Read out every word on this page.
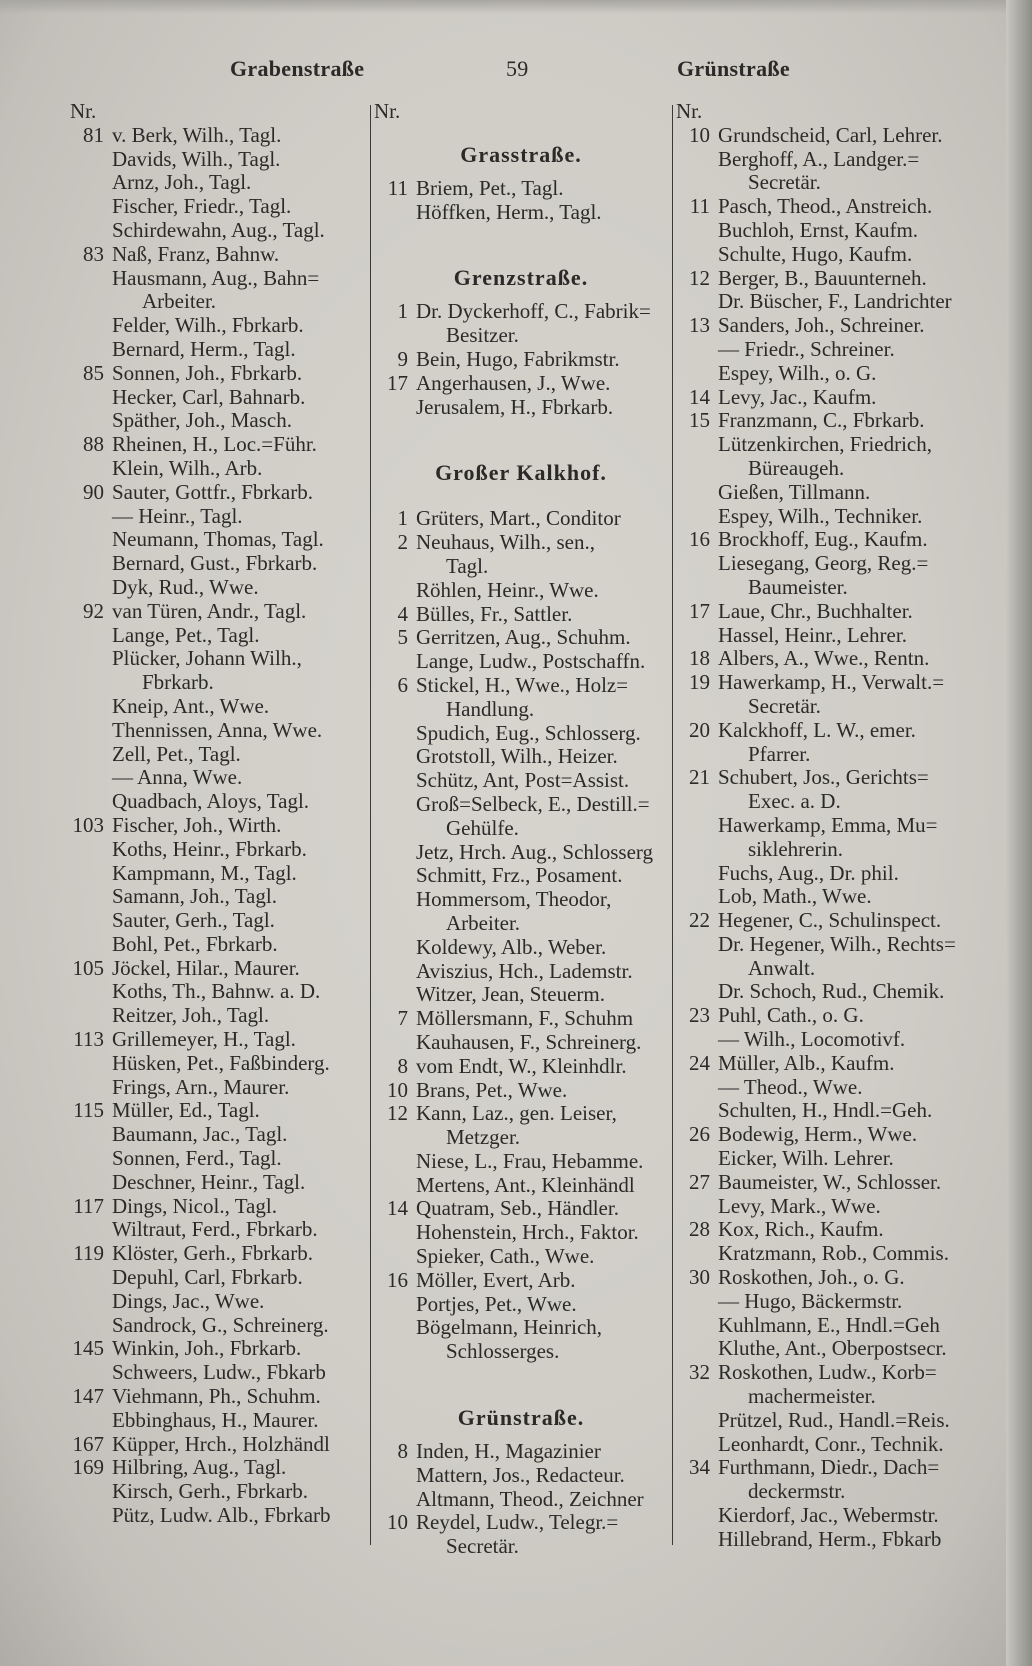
Grabenstraße	59	Grünstraße
Nr.
81 v. Berk, Wilh., Tagl.
Davids, Wilh., Tagl.
Arnz, Joh., Tagl.
Fischer, Friedr., Tagl.
Schirdewahn, Aug., Tagl.
83 Naß, Franz, Bahnw.
Hausmann, Aug., Bahn=
Arbeiter.
Felder, Wilh., Fbrkarb.
Bernard, Herm., Tagl.
85 Sonnen, Joh., Fbrkarb.
Hecker, Carl, Bahnarb.
Späther, Joh., Masch.
88 Rheinen, H., Loc.=Führ.
Klein, Wilh., Arb.
90 Sauter, Gottfr., Fbrkarb.
— Heinr., Tagl.
Neumann, Thomas, Tagl.
Bernard, Gust., Fbrkarb.
Dyk, Rud., Wwe.
92 van Türen, Andr., Tagl.
Lange, Pet., Tagl.
Plücker, Johann Wilh.,
Fbrkarb.
Kneip, Ant., Wwe.
Thennissen, Anna, Wwe.
Zell, Pet., Tagl.
— Anna, Wwe.
Quadbach, Aloys, Tagl.
103 Fischer, Joh., Wirth.
Koths, Heinr., Fbrkarb.
Kampmann, M., Tagl.
Samann, Joh., Tagl.
Sauter, Gerh., Tagl.
Bohl, Pet., Fbrkarb.
105 Jöckel, Hilar., Maurer.
Koths, Th., Bahnw. a. D.
Reitzer, Joh., Tagl.
113 Grillemeyer, H., Tagl.
Hüsken, Pet., Faßbinderg.
Frings, Arn., Maurer.
115 Müller, Ed., Tagl.
Baumann, Jac., Tagl.
Sonnen, Ferd., Tagl.
Deschner, Heinr., Tagl.
117 Dings, Nicol., Tagl.
Wiltraut, Ferd., Fbrkarb.
119 Klöster, Gerh., Fbrkarb.
Depuhl, Carl, Fbrkarb.
Dings, Jac., Wwe.
Sandrock, G., Schreinerg.
145 Winkin, Joh., Fbrkarb.
Schweers, Ludw., Fbkarb
147 Viehmann, Ph., Schuhm.
Ebbinghaus, H., Maurer.
167 Küpper, Hrch., Holzhändl
169 Hilbring, Aug., Tagl.
Kirsch, Gerh., Fbrkarb.
Pütz, Ludw. Alb., Fbrkarb
Nr.
Grasstraße.
11 Briem, Pet., Tagl.
Höffken, Herm., Tagl.
Grenzstraße.
1 Dr. Dyckerhoff, C., Fabrik=
Besitzer.
9 Bein, Hugo, Fabrikmstr.
17 Angerhausen, J., Wwe.
Jerusalem, H., Fbrkarb.
Großer Kalkhof.
1 Grüters, Mart., Conditor
2 Neuhaus, Wilh., sen.,
Tagl.
Röhlen, Heinr., Wwe.
4 Bülles, Fr., Sattler.
5 Gerritzen, Aug., Schuhm.
Lange, Ludw., Postschaffn.
6 Stickel, H., Wwe., Holz=
Handlung.
Spudich, Eug., Schlosserg.
Grotstoll, Wilh., Heizer.
Schütz, Ant, Post=Assist.
Groß=Selbeck, E., Destill.=
Gehülfe.
Jetz, Hrch. Aug., Schlosserg
Schmitt, Frz., Posament.
Hommersom, Theodor,
Arbeiter.
Koldewy, Alb., Weber.
Aviszius, Hch., Lademstr.
Witzer, Jean, Steuerm.
7 Möllersmann, F., Schuhm
Kauhausen, F., Schreinerg.
8 vom Endt, W., Kleinhdlr.
10 Brans, Pet., Wwe.
12 Kann, Laz., gen. Leiser,
Metzger.
Niese, L., Frau, Hebamme.
Mertens, Ant., Kleinhändl
14 Quatram, Seb., Händler.
Hohenstein, Hrch., Faktor.
Spieker, Cath., Wwe.
16 Möller, Evert, Arb.
Portjes, Pet., Wwe.
Bögelmann, Heinrich,
Schlosserges.
Grünstraße.
8 Inden, H., Magazinier
Mattern, Jos., Redacteur.
Altmann, Theod., Zeichner
10 Reydel, Ludw., Telegr.=
Secretär.
Nr.
10 Grundscheid, Carl, Lehrer.
Berghoff, A., Landger.=
Secretär.
11 Pasch, Theod., Anstreich.
Buchloh, Ernst, Kaufm.
Schulte, Hugo, Kaufm.
12 Berger, B., Bauunterneh.
Dr. Büscher, F., Landrichter
13 Sanders, Joh., Schreiner.
— Friedr., Schreiner.
Espey, Wilh., o. G.
14 Levy, Jac., Kaufm.
15 Franzmann, C., Fbrkarb.
Lützenkirchen, Friedrich,
Büreaugeh.
Gießen, Tillmann.
Espey, Wilh., Techniker.
16 Brockhoff, Eug., Kaufm.
Liesegang, Georg, Reg.=
Baumeister.
17 Laue, Chr., Buchhalter.
Hassel, Heinr., Lehrer.
18 Albers, A., Wwe., Rentn.
19 Hawerkamp, H., Verwalt.=
Secretär.
20 Kalckhoff, L. W., emer.
Pfarrer.
21 Schubert, Jos., Gerichts=
Exec. a. D.
Hawerkamp, Emma, Mu=
siklehrerin.
Fuchs, Aug., Dr. phil.
Lob, Math., Wwe.
22 Hegener, C., Schulinspect.
Dr. Hegener, Wilh., Rechts=
Anwalt.
Dr. Schoch, Rud., Chemik.
23 Puhl, Cath., o. G.
— Wilh., Locomotivf.
24 Müller, Alb., Kaufm.
— Theod., Wwe.
Schulten, H., Hndl.=Geh.
26 Bodewig, Herm., Wwe.
Eicker, Wilh. Lehrer.
27 Baumeister, W., Schlosser.
Levy, Mark., Wwe.
28 Kox, Rich., Kaufm.
Kratzmann, Rob., Commis.
30 Roskothen, Joh., o. G.
— Hugo, Bäckermstr.
Kuhlmann, E., Hndl.=Geh
Kluthe, Ant., Oberpostsecr.
32 Roskothen, Ludw., Korb=
machermeister.
Prützel, Rud., Handl.=Reis.
Leonhardt, Conr., Technik.
34 Furthmann, Diedr., Dach=
deckermstr.
Kierdorf, Jac., Webermstr.
Hillebrand, Herm., Fbkarb
